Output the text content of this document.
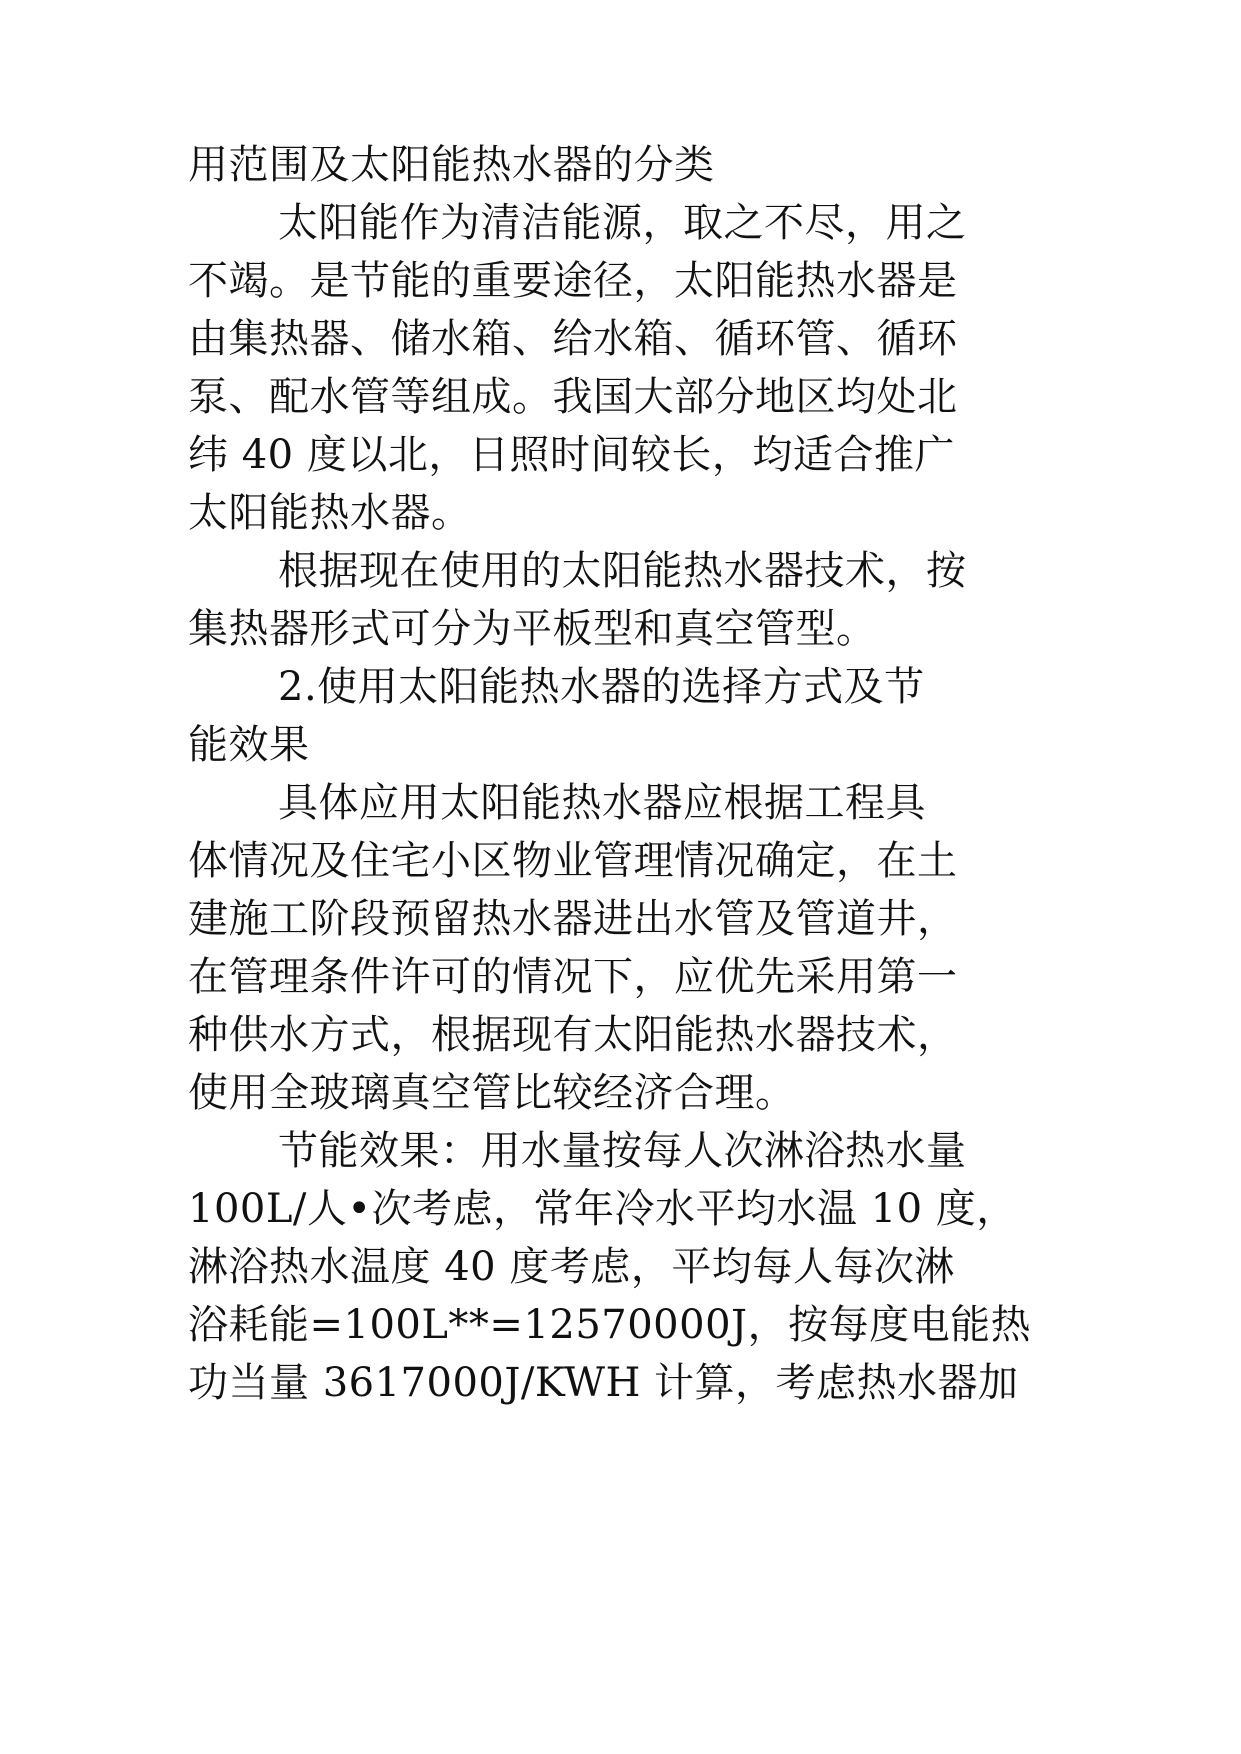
用范围及太阳能热水器的分类
太阳能作为清洁能源，取之不尽，用之
不竭。是节能的重要途径，太阳能热水器是
由集热器、储水箱、给水箱、循环管、循环
泵、配水管等组成。我国大部分地区均处北
纬 40 度以北，日照时间较长，均适合推广
太阳能热水器。
根据现在使用的太阳能热水器技术，按
集热器形式可分为平板型和真空管型。
2.使用太阳能热水器的选择方式及节
能效果
具体应用太阳能热水器应根据工程具
体情况及住宅小区物业管理情况确定，在土
建施工阶段预留热水器进出水管及管道井，
在管理条件许可的情况下，应优先采用第一
种供水方式，根据现有太阳能热水器技术，
使用全玻璃真空管比较经济合理。
节能效果：用水量按每人次淋浴热水量
100L/人•次考虑，常年冷水平均水温 10 度，
淋浴热水温度 40 度考虑，平均每人每次淋
浴耗能=100L**=12570000J，按每度电能热
功当量 3617000J/KWH 计算，考虑热水器加
